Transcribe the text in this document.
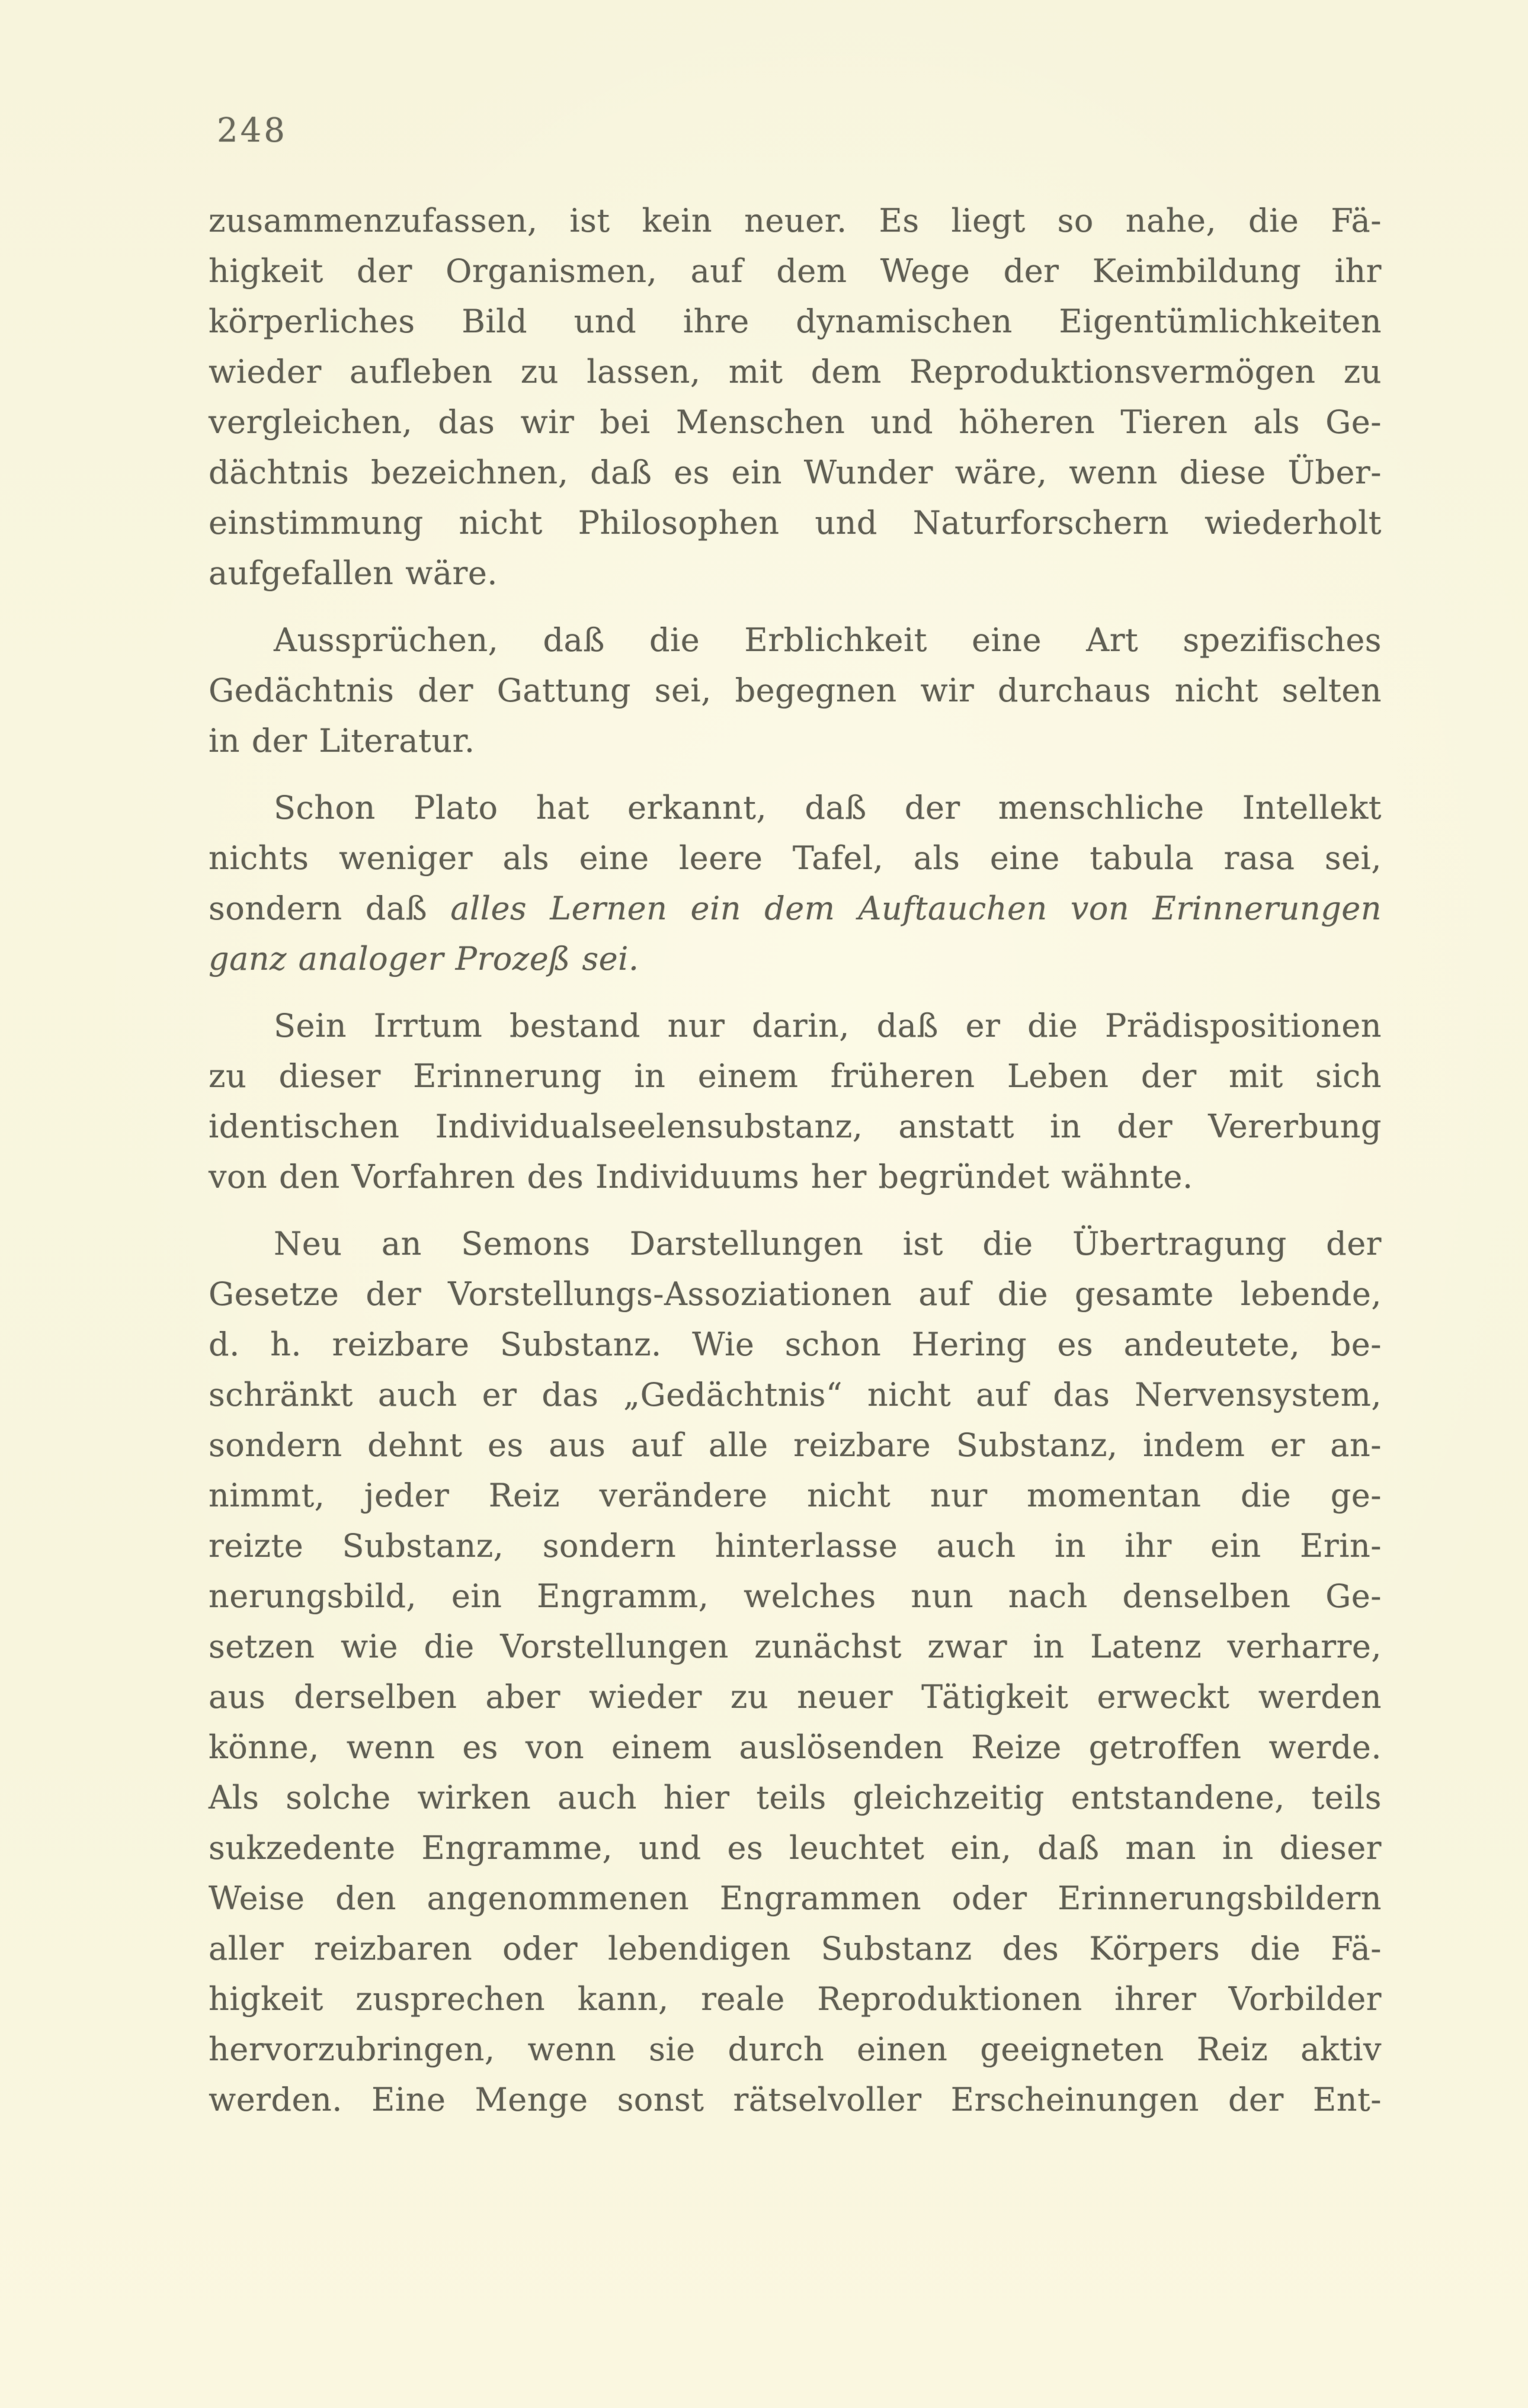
248
zusammenzufassen, ist kein neuer. Es liegt so nahe, die Fä-
higkeit der Organismen, auf dem Wege der Keimbildung ihr
körperliches Bild und ihre dynamischen Eigentümlichkeiten
wieder aufleben zu lassen, mit dem Reproduktionsvermögen zu
vergleichen, das wir bei Menschen und höheren Tieren als Ge-
dächtnis bezeichnen, daß es ein Wunder wäre, wenn diese Über-
einstimmung nicht Philosophen und Naturforschern wiederholt
aufgefallen wäre.
Aussprüchen, daß die Erblichkeit eine Art spezifisches
Gedächtnis der Gattung sei, begegnen wir durchaus nicht selten
in der Literatur.
Schon Plato hat erkannt, daß der menschliche Intellekt
nichts weniger als eine leere Tafel, als eine tabula rasa sei,
sondern daß alles Lernen ein dem Auftauchen von Erinnerungen
ganz analoger Prozeß sei.
Sein Irrtum bestand nur darin, daß er die Prädispositionen
zu dieser Erinnerung in einem früheren Leben der mit sich
identischen Individualseelensubstanz, anstatt in der Vererbung
von den Vorfahren des Individuums her begründet wähnte.
Neu an Semons Darstellungen ist die Übertragung der
Gesetze der Vorstellungs-Assoziationen auf die gesamte lebende,
d. h. reizbare Substanz. Wie schon Hering es andeutete, be-
schränkt auch er das „Gedächtnis“ nicht auf das Nervensystem,
sondern dehnt es aus auf alle reizbare Substanz, indem er an-
nimmt, jeder Reiz verändere nicht nur momentan die ge-
reizte Substanz, sondern hinterlasse auch in ihr ein Erin-
nerungsbild, ein Engramm, welches nun nach denselben Ge-
setzen wie die Vorstellungen zunächst zwar in Latenz verharre,
aus derselben aber wieder zu neuer Tätigkeit erweckt werden
könne, wenn es von einem auslösenden Reize getroffen werde.
Als solche wirken auch hier teils gleichzeitig entstandene, teils
sukzedente Engramme, und es leuchtet ein, daß man in dieser
Weise den angenommenen Engrammen oder Erinnerungsbildern
aller reizbaren oder lebendigen Substanz des Körpers die Fä-
higkeit zusprechen kann, reale Reproduktionen ihrer Vorbilder
hervorzubringen, wenn sie durch einen geeigneten Reiz aktiv
werden. Eine Menge sonst rätselvoller Erscheinungen der Ent-
